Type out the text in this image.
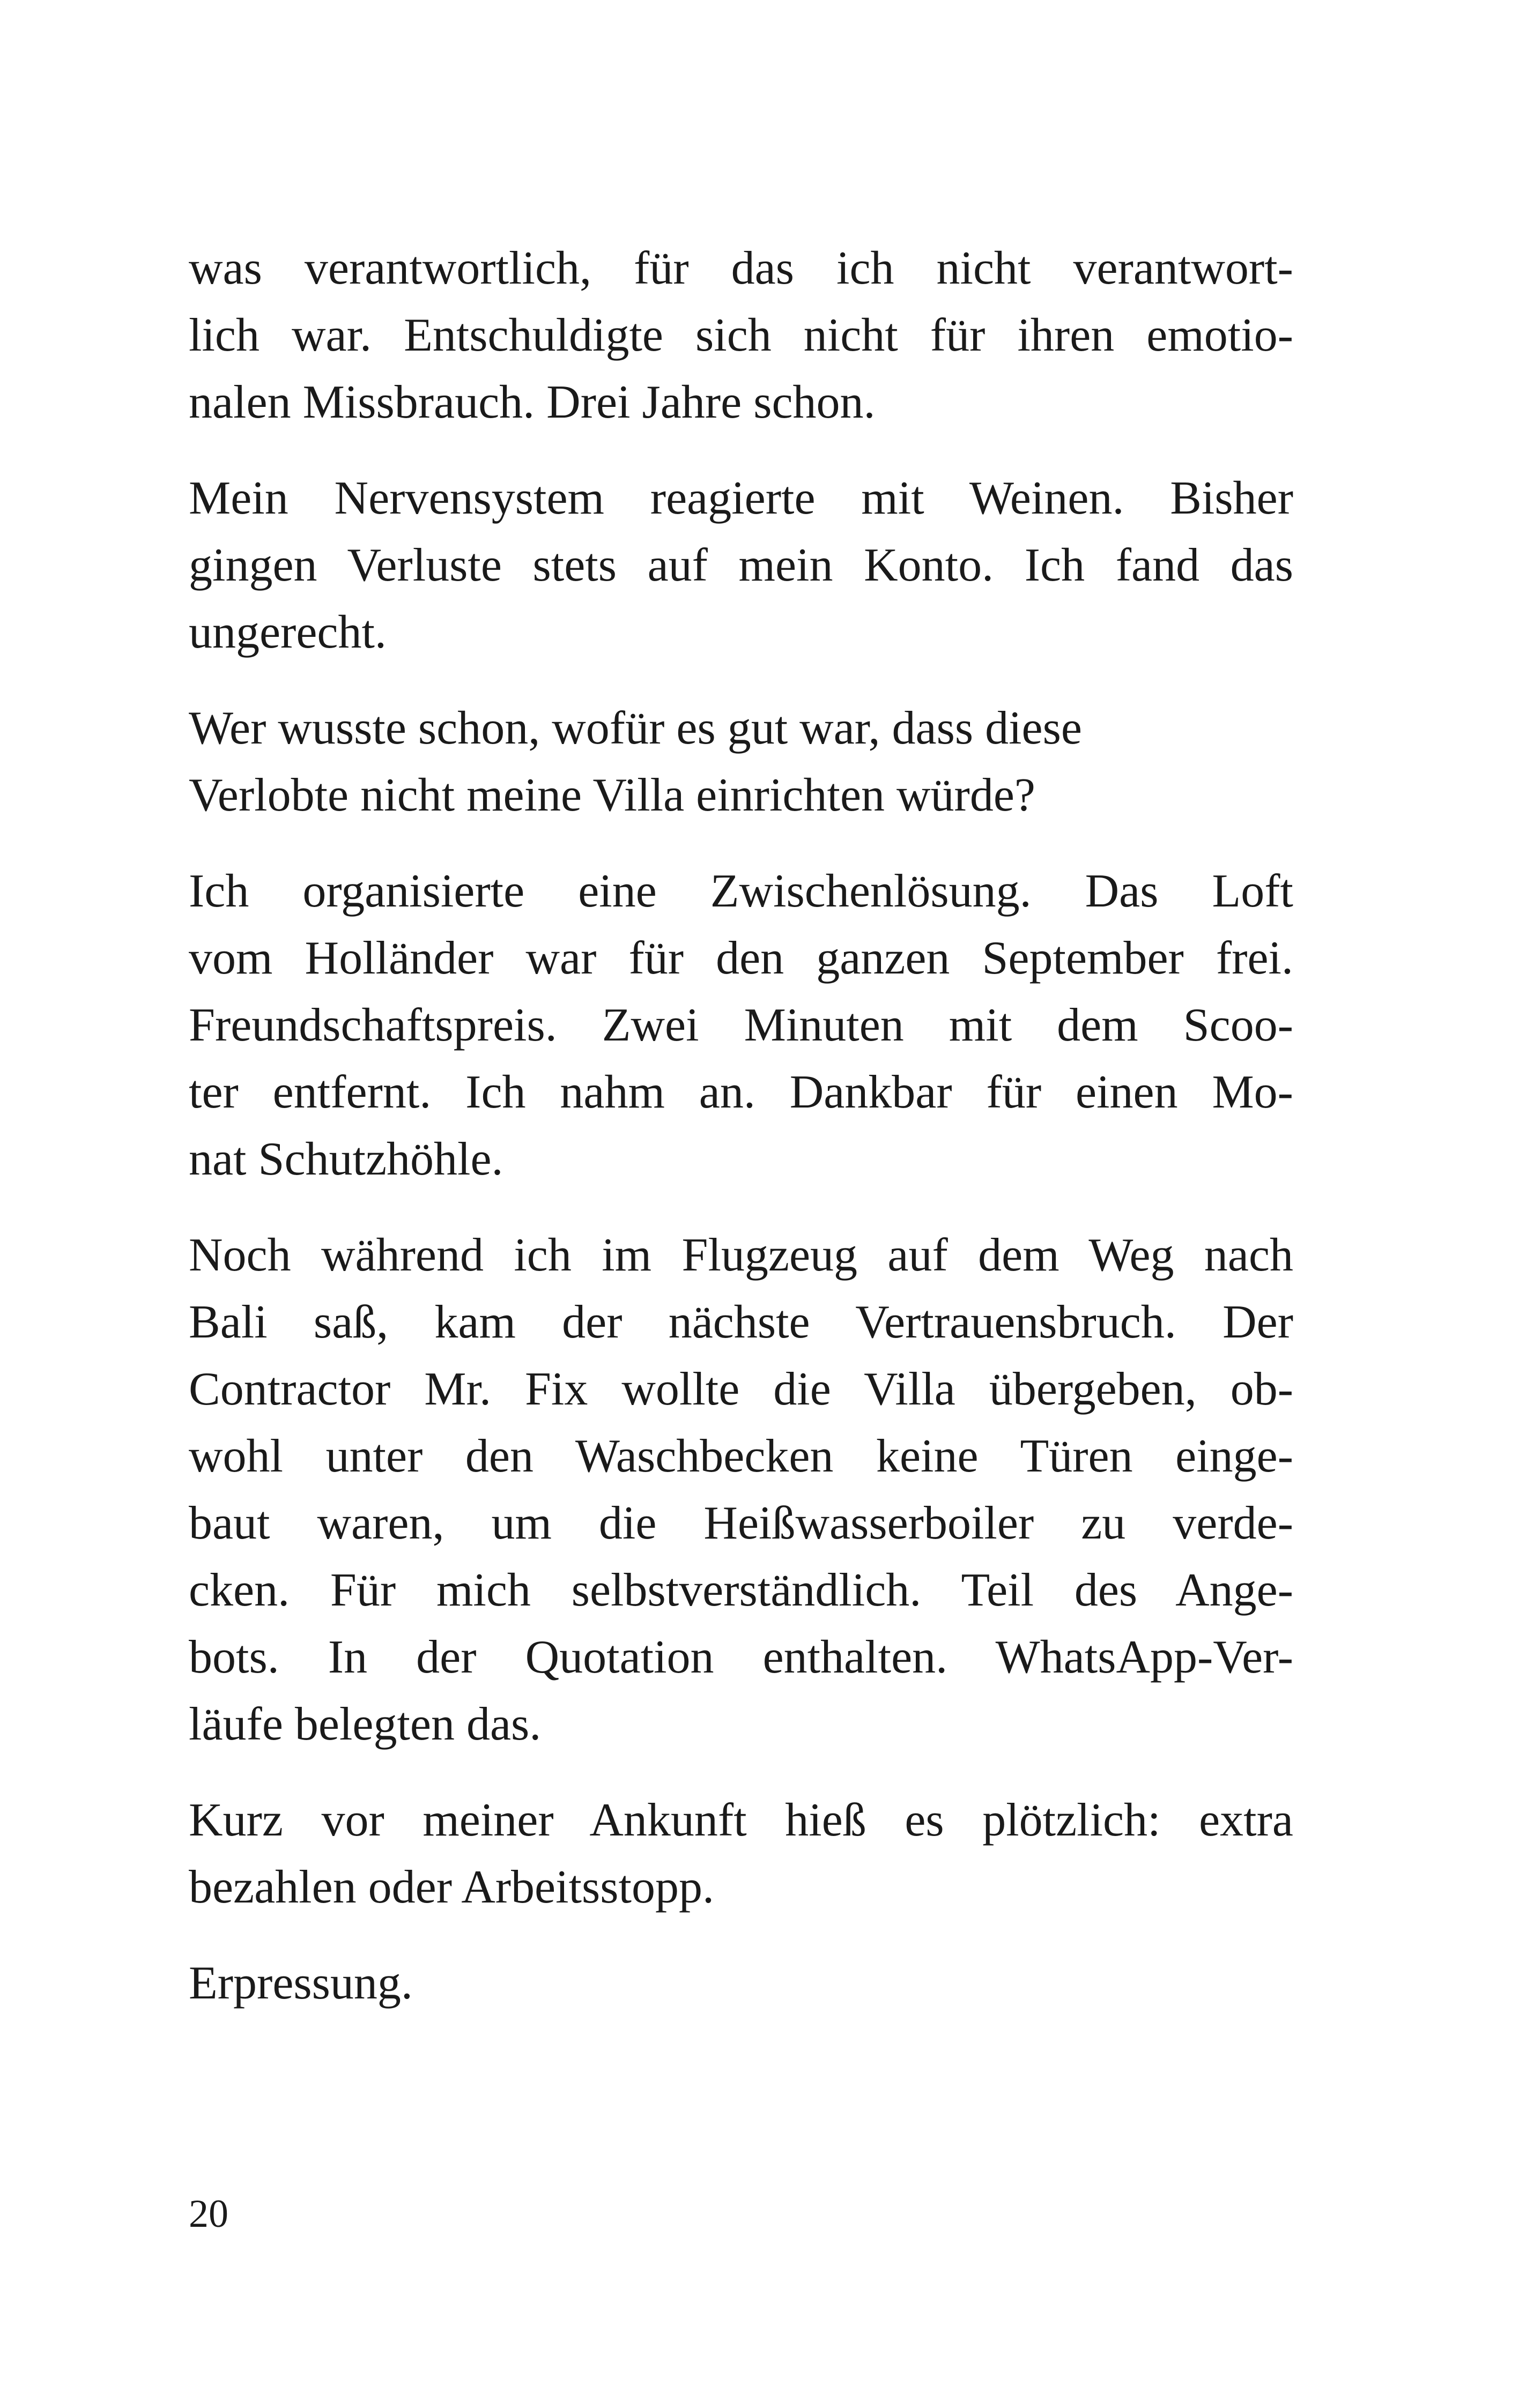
was verantwortlich, für das ich nicht verantwort-
lich war. Entschuldigte sich nicht für ihren emotio-
nalen Missbrauch. Drei Jahre schon.

Mein Nervensystem reagierte mit Weinen. Bisher
gingen Verluste stets auf mein Konto. Ich fand das
ungerecht.

Wer wusste schon, wofür es gut war, dass diese
Verlobte nicht meine Villa einrichten würde?

Ich organisierte eine Zwischenlösung. Das Loft
vom Holländer war für den ganzen September frei.
Freundschaftspreis. Zwei Minuten mit dem Scoo-
ter entfernt. Ich nahm an. Dankbar für einen Mo-
nat Schutzhöhle.

Noch während ich im Flugzeug auf dem Weg nach
Bali saß, kam der nächste Vertrauensbruch. Der
Contractor Mr. Fix wollte die Villa übergeben, ob-
wohl unter den Waschbecken keine Türen einge-
baut waren, um die Heißwasserboiler zu verde-
cken. Für mich selbstverständlich. Teil des Ange-
bots. In der Quotation enthalten. WhatsApp-Ver-
läufe belegten das.

Kurz vor meiner Ankunft hieß es plötzlich: extra
bezahlen oder Arbeitsstopp.

Erpressung.

20
